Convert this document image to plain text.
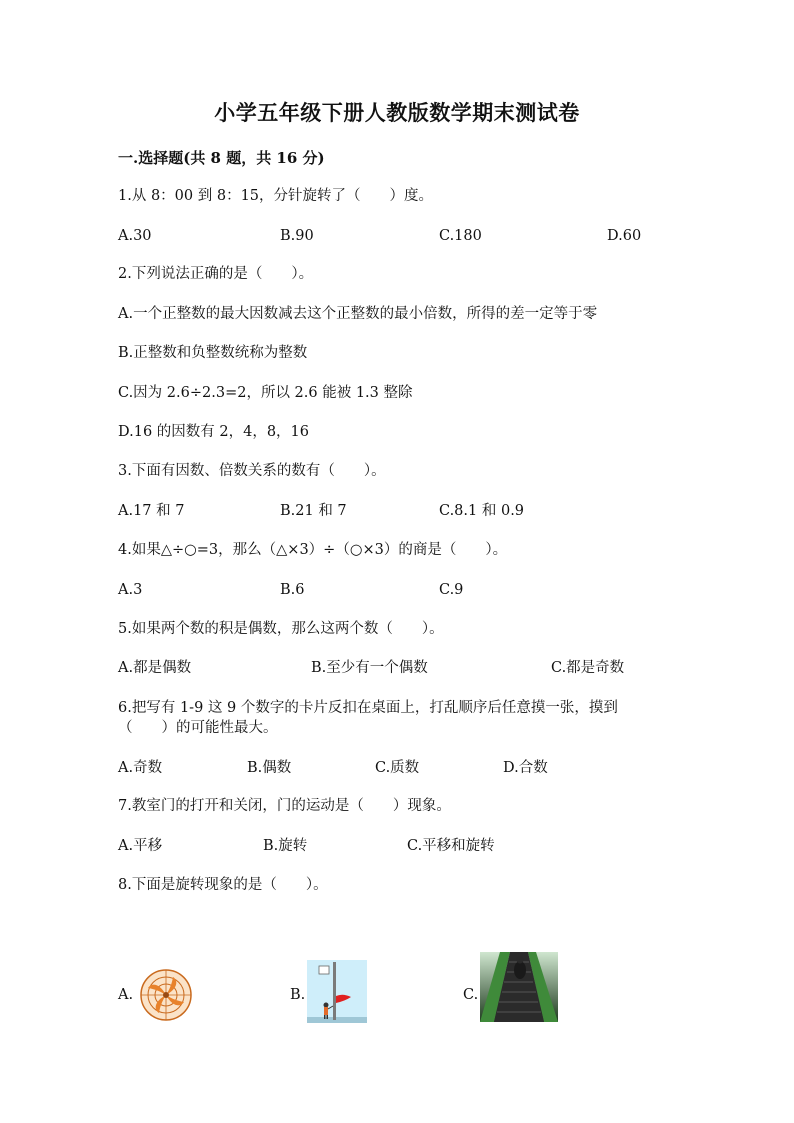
小学五年级下册人教版数学期末测试卷
一.选择题(共 8 题，共 16 分)
1.从 8：00 到 8：15，分针旋转了（　　）度。
A.30	B.90	C.180	D.60
2.下列说法正确的是（　　）。
A.一个正整数的最大因数减去这个正整数的最小倍数，所得的差一定等于零
B.正整数和负整数统称为整数
C.因为 2.6÷2.3=2，所以 2.6 能被 1.3 整除
D.16 的因数有 2，4，8，16
3.下面有因数、倍数关系的数有（　　）。
A.17 和 7	B.21 和 7	C.8.1 和 0.9
4.如果△÷○=3，那么（△×3）÷（○×3）的商是（　　）。
A.3	B.6	C.9
5.如果两个数的积是偶数，那么这两个数（　　）。
A.都是偶数	B.至少有一个偶数	C.都是奇数
6.把写有 1-9 这 9 个数字的卡片反扣在桌面上，打乱顺序后任意摸一张，摸到
（　　）的可能性最大。
A.奇数	B.偶数	C.质数	D.合数
7.教室门的打开和关闭，门的运动是（　　）现象。
A.平移	B.旋转	C.平移和旋转
8.下面是旋转现象的是（　　）。
A.	B.	C.
